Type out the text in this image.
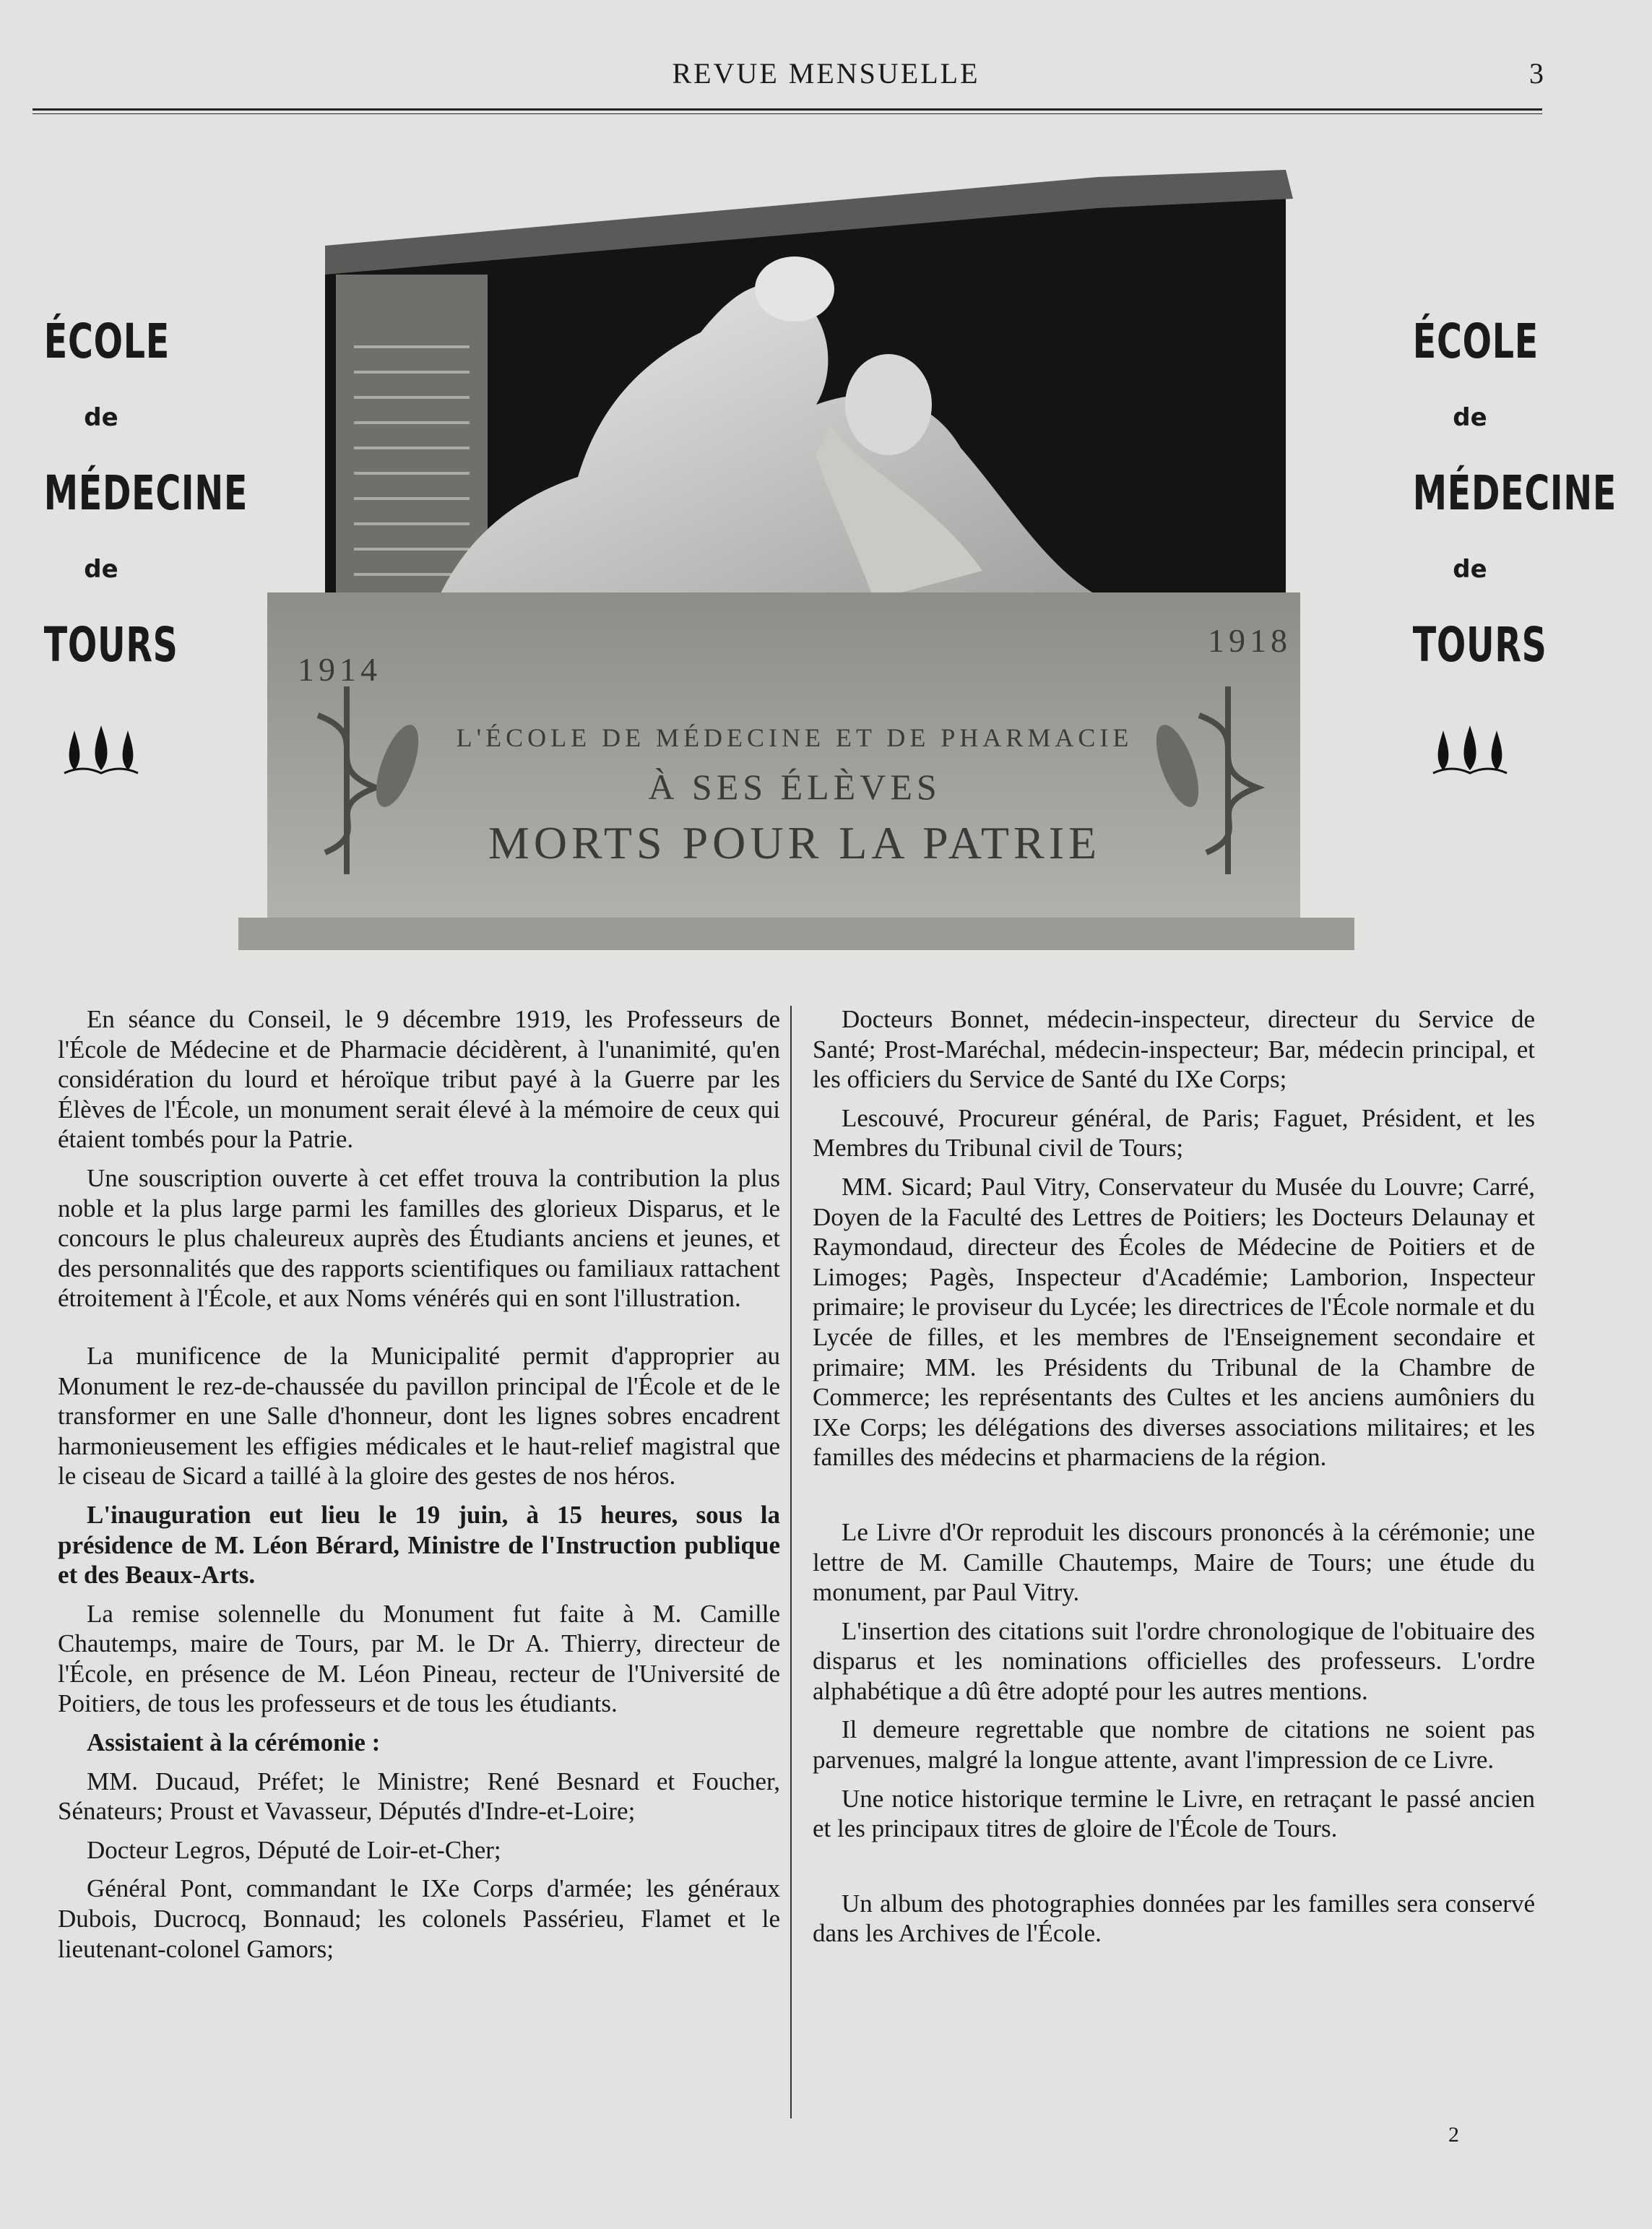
REVUE MENSUELLE	3
ÉCOLE
de
MÉDECINE
de
TOURS
ÉCOLE
de
MÉDECINE
de
TOURS
1914
1918
L'ÉCOLE DE MÉDECINE ET DE PHARMACIE
À SES ÉLÈVES
MORTS POUR LA PATRIE

En séance du Conseil, le 9 décembre 1919, les Professeurs de l'École de Médecine et de Pharmacie décidèrent, à l'unanimité, qu'en considération du lourd et héroïque tribut payé à la Guerre par les Élèves de l'École, un monument serait élevé à la mémoire de ceux qui étaient tombés pour la Patrie.

Une souscription ouverte à cet effet trouva la contribution la plus noble et la plus large parmi les familles des glorieux Disparus, et le concours le plus chaleureux auprès des Étudiants anciens et jeunes, et des personnalités que des rapports scientifiques ou familiaux rattachent étroitement à l'École, et aux Noms vénérés qui en sont l'illustration.

La munificence de la Municipalité permit d'approprier au Monument le rez-de-chaussée du pavillon principal de l'École et de le transformer en une Salle d'honneur, dont les lignes sobres encadrent harmonieusement les effigies médicales et le haut-relief magistral que le ciseau de Sicard a taillé à la gloire des gestes de nos héros.

L'inauguration eut lieu le 19 juin, à 15 heures, sous la présidence de M. Léon Bérard, Ministre de l'Instruction publique et des Beaux-Arts.

La remise solennelle du Monument fut faite à M. Camille Chautemps, maire de Tours, par M. le Dr A. Thierry, directeur de l'École, en présence de M. Léon Pineau, recteur de l'Université de Poitiers, de tous les professeurs et de tous les étudiants.

Assistaient à la cérémonie :

MM. Ducaud, Préfet; le Ministre; René Besnard et Foucher, Sénateurs; Proust et Vavasseur, Députés d'Indre-et-Loire;

Docteur Legros, Député de Loir-et-Cher;

Général Pont, commandant le IXe Corps d'armée; les généraux Dubois, Ducrocq, Bonnaud; les colonels Passérieu, Flamet et le lieutenant-colonel Gamors;

Docteurs Bonnet, médecin-inspecteur, directeur du Service de Santé; Prost-Maréchal, médecin-inspecteur; Bar, médecin principal, et les officiers du Service de Santé du IXe Corps;

Lescouvé, Procureur général, de Paris; Faguet, Président, et les Membres du Tribunal civil de Tours;

MM. Sicard; Paul Vitry, Conservateur du Musée du Louvre; Carré, Doyen de la Faculté des Lettres de Poitiers; les Docteurs Delaunay et Raymondaud, directeur des Écoles de Médecine de Poitiers et de Limoges; Pagès, Inspecteur d'Académie; Lamborion, Inspecteur primaire; le proviseur du Lycée; les directrices de l'École normale et du Lycée de filles, et les membres de l'Enseignement secondaire et primaire; MM. les Présidents du Tribunal de la Chambre de Commerce; les représentants des Cultes et les anciens aumôniers du IXe Corps; les délégations des diverses associations militaires; et les familles des médecins et pharmaciens de la région.

Le Livre d'Or reproduit les discours prononcés à la cérémonie; une lettre de M. Camille Chautemps, Maire de Tours; une étude du monument, par Paul Vitry.

L'insertion des citations suit l'ordre chronologique de l'obituaire des disparus et les nominations officielles des professeurs. L'ordre alphabétique a dû être adopté pour les autres mentions.

Il demeure regrettable que nombre de citations ne soient pas parvenues, malgré la longue attente, avant l'impression de ce Livre.

Une notice historique termine le Livre, en retraçant le passé ancien et les principaux titres de gloire de l'École de Tours.

Un album des photographies données par les familles sera conservé dans les Archives de l'École.

2
